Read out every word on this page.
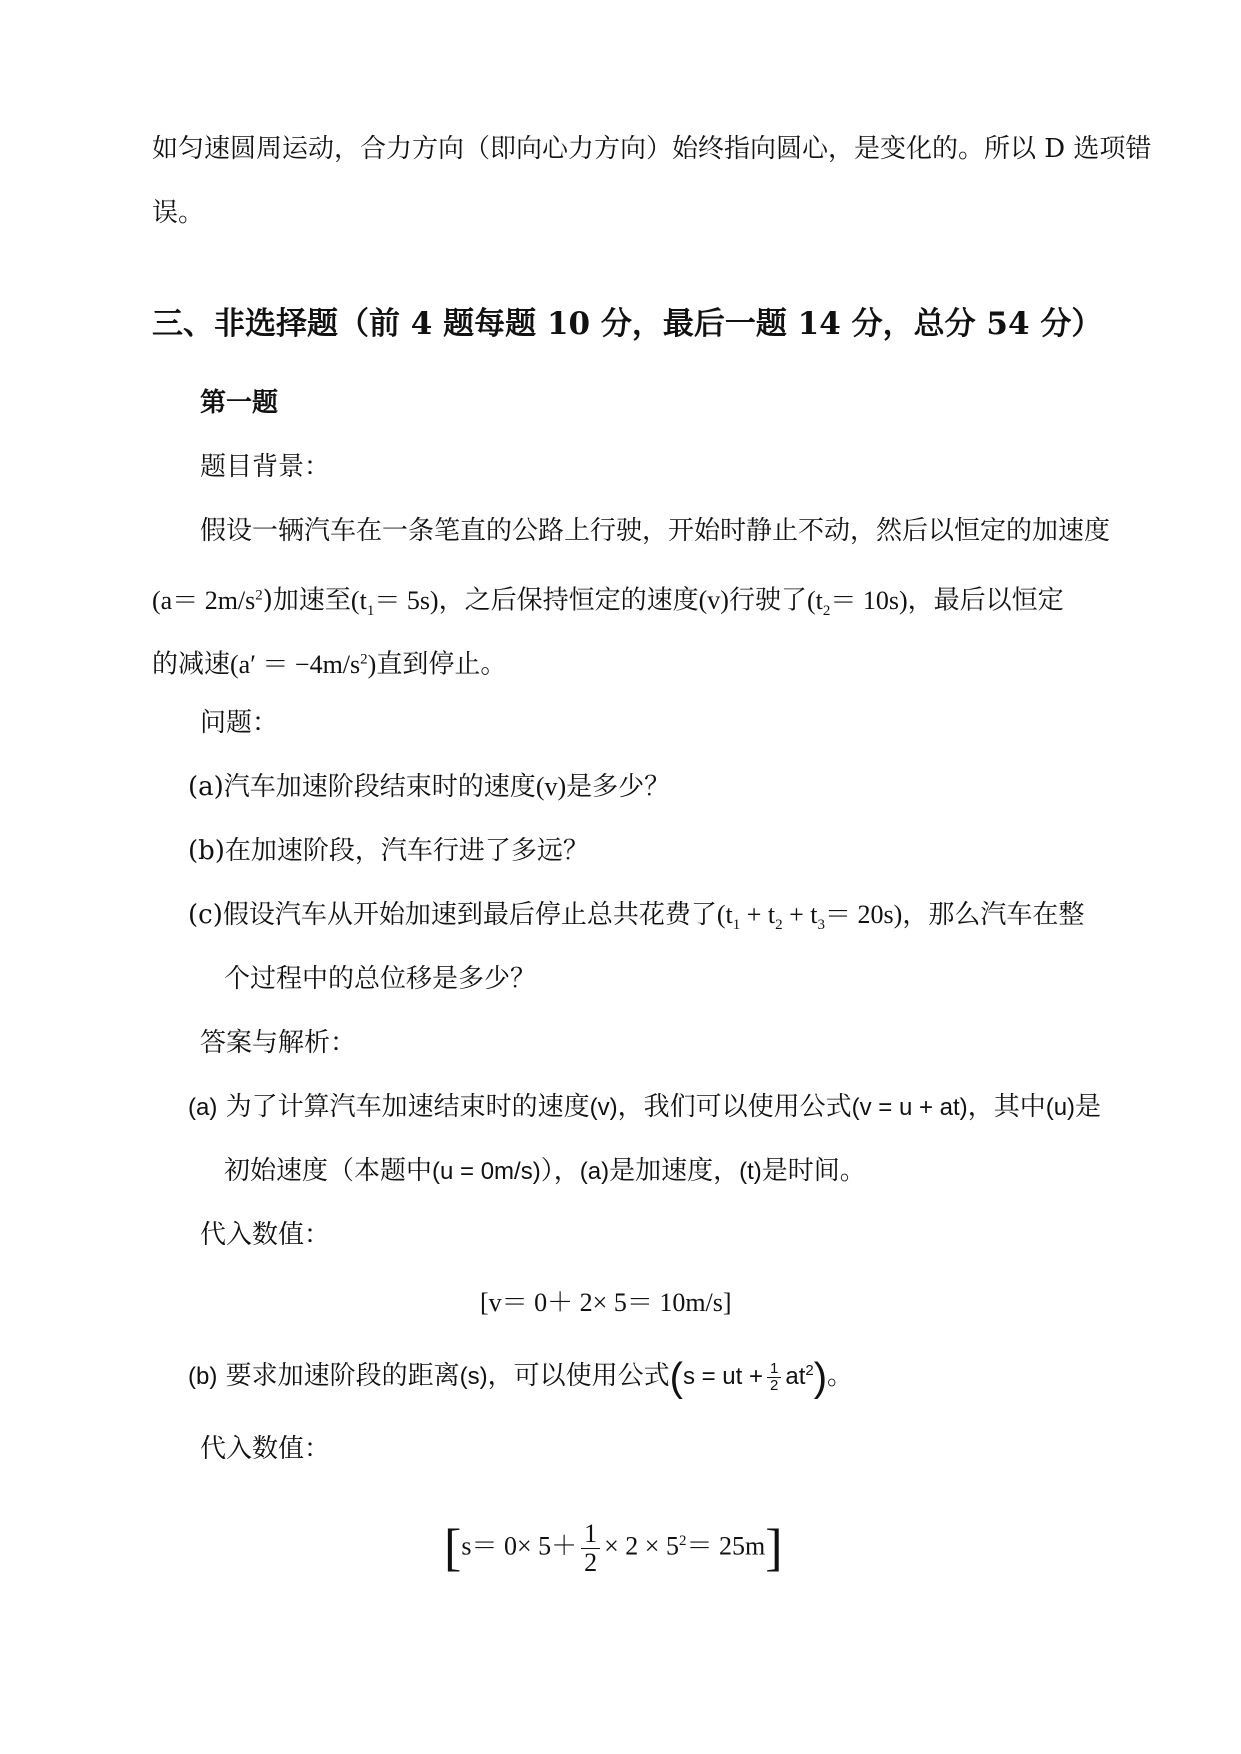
如匀速圆周运动，合力方向（即向心力方向）始终指向圆心，是变化的。所以 D 选项错
误。
三、非选择题（前 4 题每题 10 分，最后一题 14 分，总分 54 分）
第一题
题目背景：
假设一辆汽车在一条笔直的公路上行驶，开始时静止不动，然后以恒定的加速度
$(a= 2m/s^2)$加速至$(t_1= 5s)$，之后保持恒定的速度(v)行驶了$(t_2= 10s)$，最后以恒定
的减速$(a' = -4m/s^2)$直到停止。
问题：
(a)汽车加速阶段结束时的速度(v)是多少？
(b)在加速阶段，汽车行进了多远？
(c)假设汽车从开始加速到最后停止总共花费了$(t_1 + t_2 + t_3= 20s)$，那么汽车在整
个过程中的总位移是多少？
答案与解析：
(a) 为了计算汽车加速结束时的速度(v)，我们可以使用公式(v = u + at)，其中(u)是
初始速度（本题中(u = 0m/s)），(a)是加速度，(t)是时间。
代入数值：
[v＝ 0＋ 2× 5＝ 10m/s]
(b) 要求加速阶段的距离(s)，可以使用公式(s = ut + $\frac{1}{2} at^2$)。
代入数值：
$[s= 0\times 5+ \frac{1}{2} \times 2 \times 5^2= 25m]$
